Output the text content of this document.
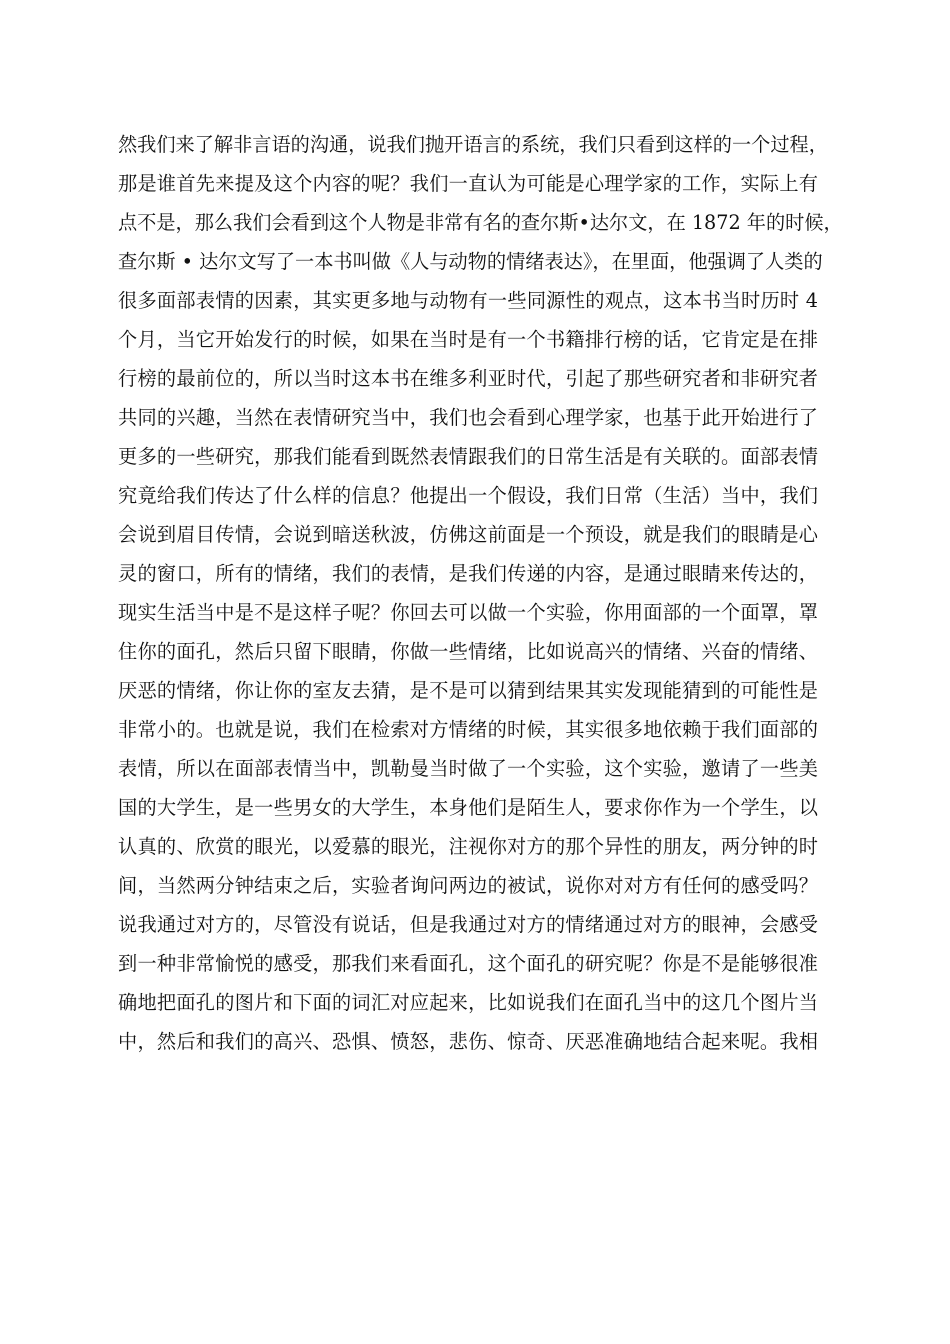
然我们来了解非言语的沟通，说我们抛开语言的系统，我们只看到这样的一个过程，
那是谁首先来提及这个内容的呢？我们一直认为可能是心理学家的工作，实际上有
点不是，那么我们会看到这个人物是非常有名的查尔斯•达尔文，在 1872 年的时候，
查尔斯 • 达尔文写了一本书叫做《人与动物的情绪表达》，在里面，他强调了人类的
很多面部表情的因素，其实更多地与动物有一些同源性的观点，这本书当时历时 4
个月，当它开始发行的时候，如果在当时是有一个书籍排行榜的话，它肯定是在排
行榜的最前位的，所以当时这本书在维多利亚时代，引起了那些研究者和非研究者
共同的兴趣，当然在表情研究当中，我们也会看到心理学家，也基于此开始进行了
更多的一些研究，那我们能看到既然表情跟我们的日常生活是有关联的。面部表情
究竟给我们传达了什么样的信息？他提出一个假设，我们日常（生活）当中，我们
会说到眉目传情，会说到暗送秋波，仿佛这前面是一个预设，就是我们的眼睛是心
灵的窗口，所有的情绪，我们的表情，是我们传递的内容，是通过眼睛来传达的，
现实生活当中是不是这样子呢？你回去可以做一个实验，你用面部的一个面罩，罩
住你的面孔，然后只留下眼睛，你做一些情绪，比如说高兴的情绪、兴奋的情绪、
厌恶的情绪，你让你的室友去猜，是不是可以猜到结果其实发现能猜到的可能性是
非常小的。也就是说，我们在检索对方情绪的时候，其实很多地依赖于我们面部的
表情，所以在面部表情当中，凯勒曼当时做了一个实验，这个实验，邀请了一些美
国的大学生，是一些男女的大学生，本身他们是陌生人，要求你作为一个学生，以
认真的、欣赏的眼光，以爱慕的眼光，注视你对方的那个异性的朋友，两分钟的时
间，当然两分钟结束之后，实验者询问两边的被试，说你对对方有任何的感受吗？
说我通过对方的，尽管没有说话，但是我通过对方的情绪通过对方的眼神，会感受
到一种非常愉悦的感受，那我们来看面孔，这个面孔的研究呢？你是不是能够很准
确地把面孔的图片和下面的词汇对应起来，比如说我们在面孔当中的这几个图片当
中，然后和我们的高兴、恐惧、愤怒，悲伤、惊奇、厌恶准确地结合起来呢。我相
